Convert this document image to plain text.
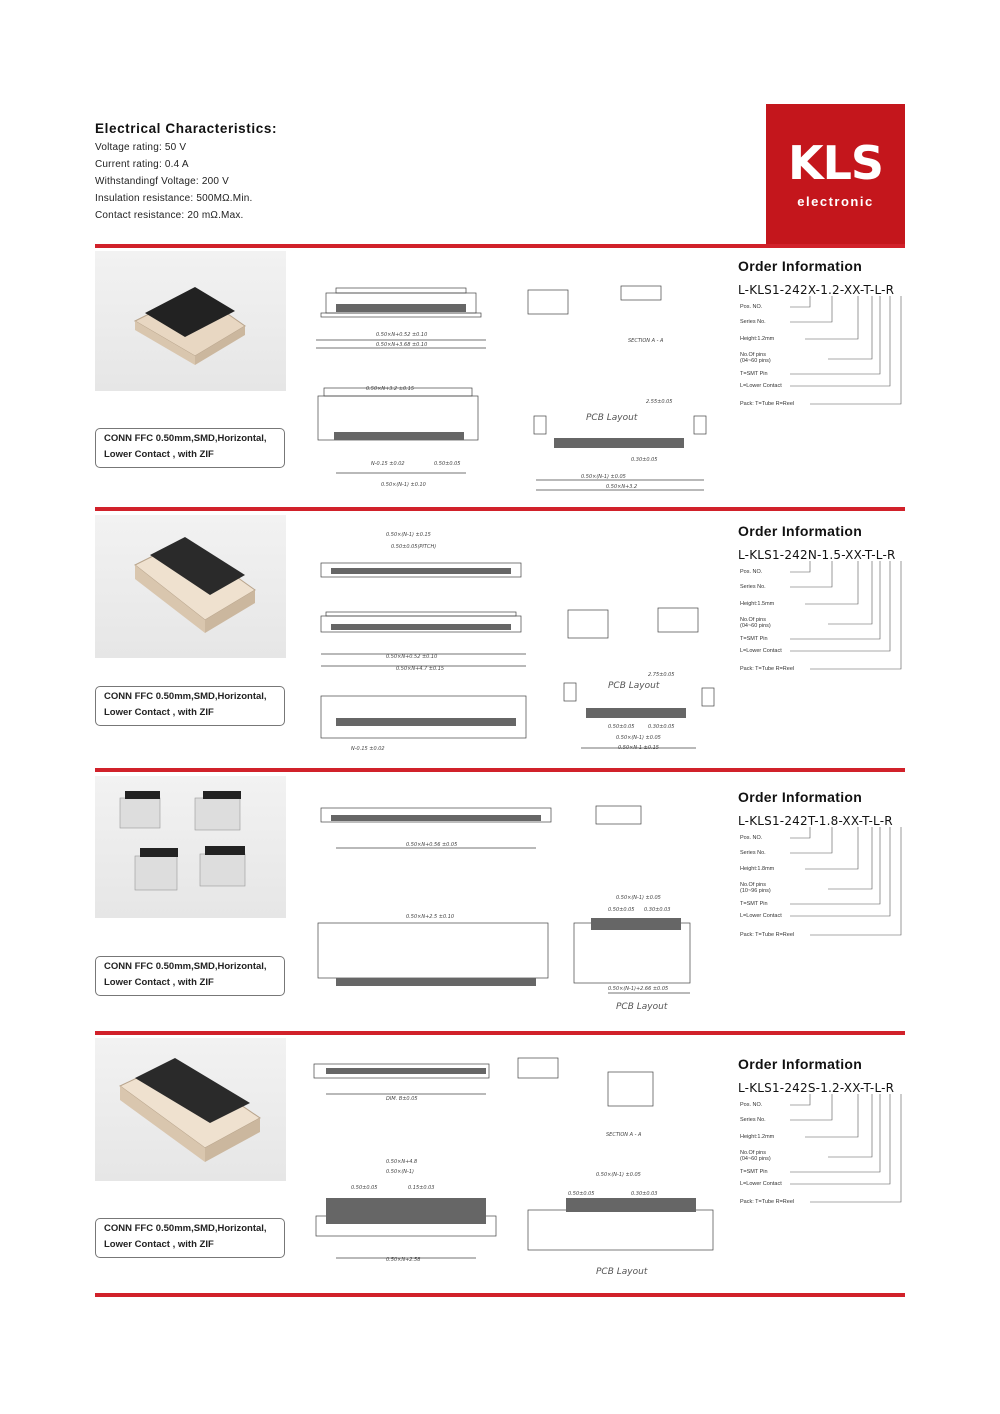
Electrical Characteristics:
Voltage rating: 50 V
Current rating: 0.4 A
Withstandingf Voltage: 200 V
Insulation resistance: 500MΩ.Min.
Contact resistance: 20 mΩ.Max.
KLS
electronic
CONN FFC 0.50mm,SMD,Horizontal,
Lower Contact , with ZIF
0.50×N+0.52 ±0.10
0.50×N+3.68 ±0.10
0.50×N+3.2 ±0.15
N-0.15 ±0.02	0.50±0.05
0.50×(N-1) ±0.10
2.55±0.05
0.30±0.05
0.50×(N-1) ±0.05
0.50×N+3.2
PCB Layout
SECTION A - A
Order Information
L-KLS1-242X-1.2-XX-T-L-R
Pos. NO.
Series No.
Height:1.2mm
No.Of pins
(04~60 pins)
T=SMT Pin
L=Lower Contact
Pack: T=Tube R=Reel
CONN FFC 0.50mm,SMD,Horizontal,
Lower Contact , with ZIF
0.50×(N-1) ±0.15
0.50±0.05(PITCH)
0.50×N+0.52 ±0.10
0.50×N+4.7 ±0.15
N-0.15 ±0.02
2.75±0.05
0.50±0.05	0.30±0.05
0.50×(N-1) ±0.05
0.50×N-1 ±0.15
PCB Layout
Order Information
L-KLS1-242N-1.5-XX-T-L-R
Pos. NO.
Series No.
Height:1.5mm
No.Of pins
(04~60 pins)
T=SMT Pin
L=Lower Contact
Pack: T=Tube R=Reel
CONN FFC 0.50mm,SMD,Horizontal,
Lower Contact , with ZIF
0.50×N+0.56 ±0.05
0.50×N+2.5 ±0.10
0.50×(N-1) ±0.05
0.50±0.05 0.30±0.03
0.50×(N-1)+2.66 ±0.05
PCB Layout
Order Information
L-KLS1-242T-1.8-XX-T-L-R
Pos. NO.
Series No.
Height:1.8mm
No.Of pins
(10~96 pins)
T=SMT Pin
L=Lower Contact
Pack: T=Tube R=Reel
CONN FFC 0.50mm,SMD,Horizontal,
Lower Contact , with ZIF
DIM. B±0.05
0.50×N+4.8
0.50×(N-1)
0.50±0.05	0.15±0.03
0.50×N+2.58
0.50×(N-1) ±0.05
0.50±0.05	0.30±0.03
PCB Layout
SECTION A - A
Order Information
L-KLS1-242S-1.2-XX-T-L-R
Pos. NO.
Series No.
Height:1.2mm
No.Of pins
(04~60 pins)
T=SMT Pin
L=Lower Contact
Pack: T=Tube R=Reel
